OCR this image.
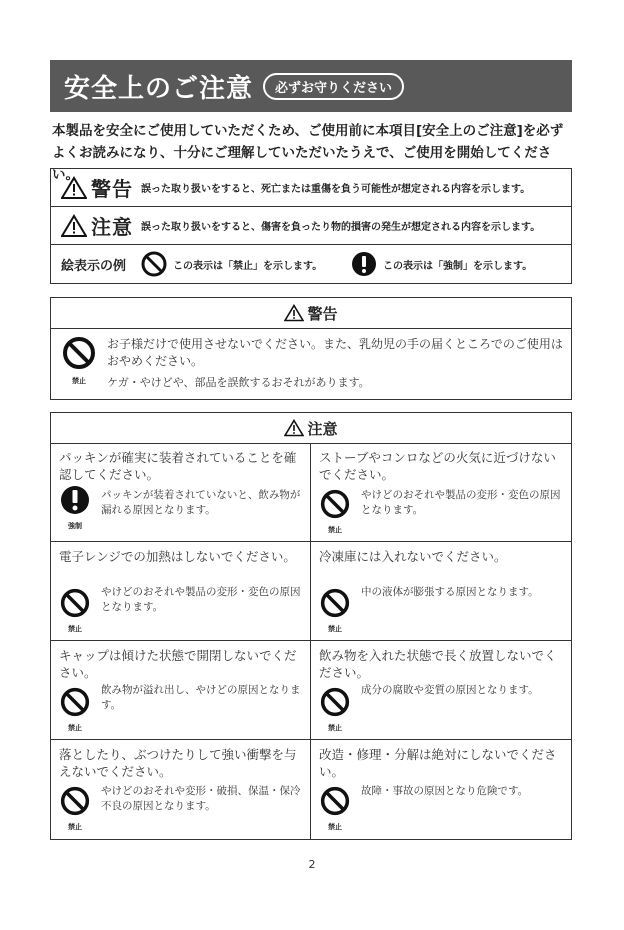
安全上のご注意	必ずお守りください
本製品を安全にご使用していただくため、ご使用前に本項目[安全上のご注意]を必ず
よくお読みになり、十分にご理解していただいたうえで、ご使用を開始してください。
警告 誤った取り扱いをすると、死亡または重傷を負う可能性が想定される内容を示します。
注意 誤った取り扱いをすると、傷害を負ったり物的損害の発生が想定される内容を示します。
絵表示の例	この表示は「禁止」を示します。	この表示は「強制」を示します。
警告
禁止
お子様だけで使用させないでください。また、乳幼児の手の届くところでのご使用はおやめください。
ケガ・やけどや、部品を誤飲するおそれがあります。
注意
パッキンが確実に装着されていることを確認してください。
強制
パッキンが装着されていないと、飲み物が漏れる原因となります。
ストーブやコンロなどの火気に近づけないでください。
禁止
やけどのおそれや製品の変形・変色の原因となります。
電子レンジでの加熱はしないでください。
禁止
やけどのおそれや製品の変形・変色の原因となります。
冷凍庫には入れないでください。
禁止
中の液体が膨張する原因となります。
キャップは傾けた状態で開閉しないでください。
禁止
飲み物が溢れ出し、やけどの原因となります。
飲み物を入れた状態で長く放置しないでください。
禁止
成分の腐敗や変質の原因となります。
落としたり、ぶつけたりして強い衝撃を与えないでください。
禁止
やけどのおそれや変形・破損、保温・保冷不良の原因となります。
改造・修理・分解は絶対にしないでください。
禁止
故障・事故の原因となり危険です。
2
